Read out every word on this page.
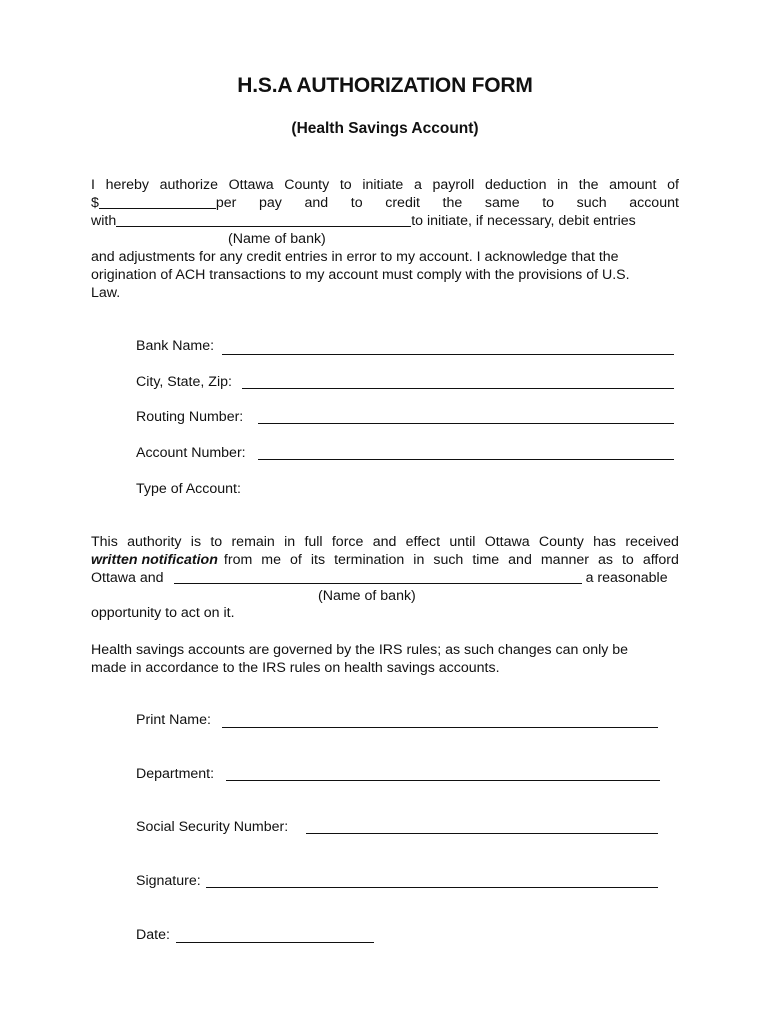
H.S.A AUTHORIZATION FORM
(Health Savings Account)
I hereby authorize Ottawa County to initiate a payroll deduction in the amount of
$	per pay and to credit the same to such account
with	to initiate, if necessary, debit entries
(Name of bank)
and adjustments for any credit entries in error to my account. I acknowledge that the
origination of ACH transactions to my account must comply with the provisions of U.S.
Law.
Bank Name:
City, State, Zip:
Routing Number:
Account Number:
Type of Account:
This authority is to remain in full force and effect until Ottawa County has received
written notification from me of its termination in such time and manner as to afford
Ottawa and	a reasonable
(Name of bank)
opportunity to act on it.
Health savings accounts are governed by the IRS rules; as such changes can only be
made in accordance to the IRS rules on health savings accounts.
Print Name:
Department:
Social Security Number:
Signature:
Date:
